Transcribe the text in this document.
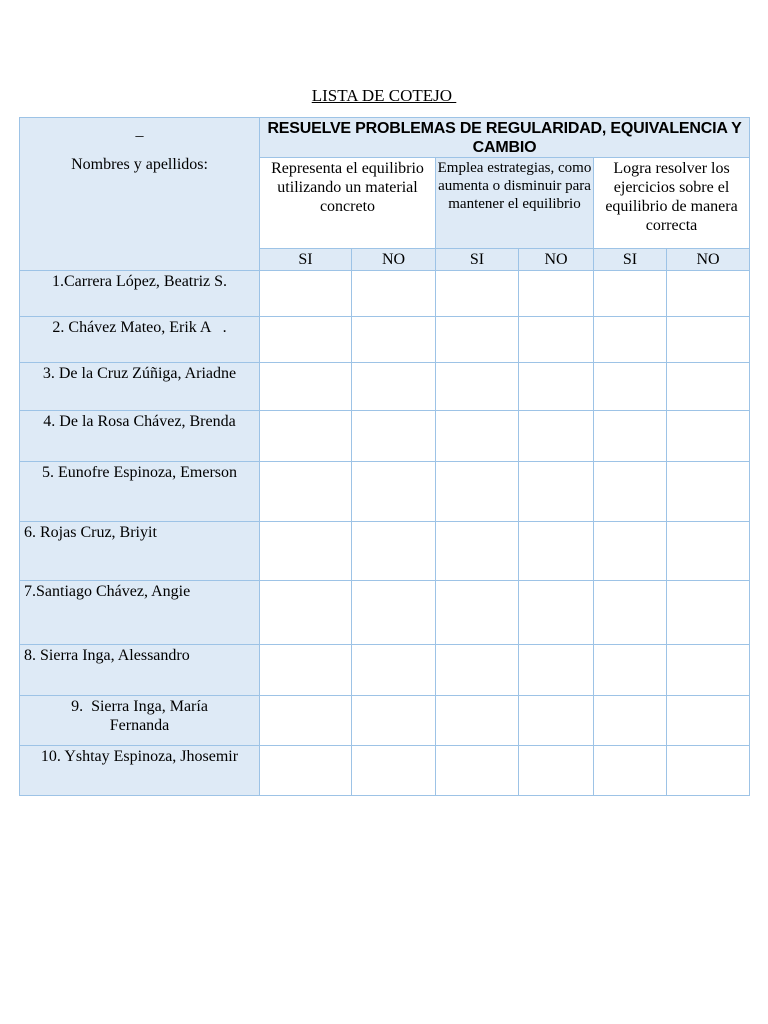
LISTA DE COTEJO
_
Nombres y apellidos:	RESUELVE PROBLEMAS DE REGULARIDAD, EQUIVALENCIA Y CAMBIO					
	Representa el equilibrio utilizando un material concreto		Emplea estrategias, como aumenta o disminuir para mantener el equilibrio		Logra resolver los ejercicios sobre el equilibrio de manera correcta	
	SI	NO	SI	NO	SI	NO
1.Carrera López, Beatriz S.						
2. Chávez Mateo, Erik A   .						
3. De la Cruz Zúñiga, Ariadne						
4. De la Rosa Chávez, Brenda						
5. Eunofre Espinoza, Emerson						
6. Rojas Cruz, Briyit						
7.Santiago Chávez, Angie						
8. Sierra Inga, Alessandro						
9.  Sierra Inga, María Fernanda						
10. Yshtay Espinoza, Jhosemir						
